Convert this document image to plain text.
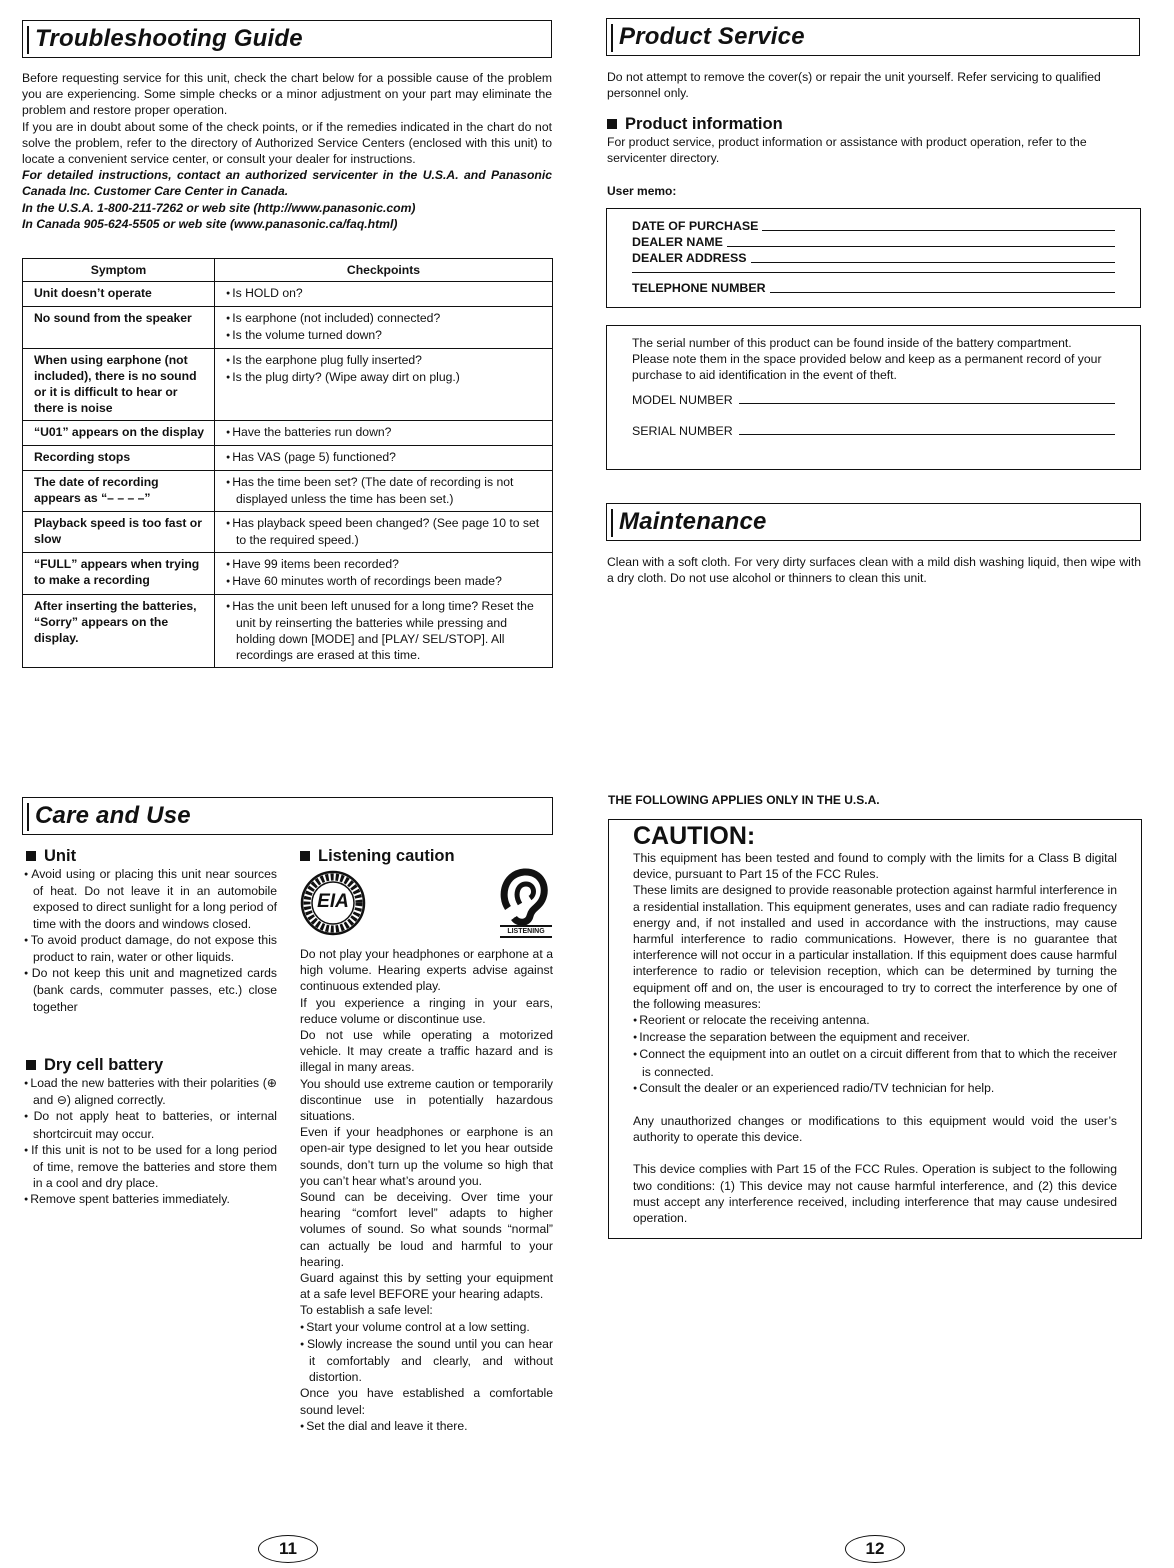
Troubleshooting Guide

Before requesting service for this unit, check the chart below for a possible cause of the problem you are experiencing. Some simple checks or a minor adjustment on your part may eliminate the problem and restore proper operation.

If you are in doubt about some of the check points, or if the remedies indicated in the chart do not solve the problem, refer to the directory of Authorized Service Centers (enclosed with this unit) to locate a convenient service center, or consult your dealer for instructions.

For detailed instructions, contact an authorized servicenter in the U.S.A. and Panasonic Canada Inc. Customer Care Center in Canada.

In the U.S.A. 1-800-211-7262 or web site (http://www.panasonic.com)

In Canada 905-624-5505 or web site (www.panasonic.ca/faq.html)

Symptom	Checkpoints
Unit doesn’t operate	● Is HOLD on?

No sound from the speaker	● Is earphone (not included) connected?
● Is the volume turned down?

When using earphone (not included), there is no sound or it is difficult to hear or there is noise	● Is the earphone plug fully inserted?
● Is the plug dirty? (Wipe away dirt on plug.)

“U01” appears on the display	● Have the batteries run down?

Recording stops	● Has VAS (page 5) functioned?

The date of recording appears as “– – – –”	● Has the time been set? (The date of recording is not displayed unless the time has been set.)

Playback speed is too fast or slow	● Has playback speed been changed? (See page 10 to set to the required speed.)

“FULL” appears when trying to make a recording	● Have 99 items been recorded?
● Have 60 minutes worth of recordings been made?

After inserting the batteries, “Sorry” appears on the display.	● Has the unit been left unused for a long time? Reset the unit by reinserting the batteries while pressing and holding down [MODE] and [PLAY/ SEL/STOP]. All recordings are erased at this time.
Product Service

Do not attempt to remove the cover(s) or repair the unit yourself. Refer servicing to qualified personnel only.

Product information

For product service, product information or assistance with product operation, refer to the servicenter directory.

User memo:
DATE OF PURCHASE
DEALER NAME
DEALER ADDRESS
TELEPHONE NUMBER

The serial number of this product can be found inside of the battery compartment.

Please note them in the space provided below and keep as a permanent record of your purchase to aid identification in the event of theft.

MODEL NUMBER
SERIAL NUMBER
Maintenance

Clean with a soft cloth. For very dirty surfaces clean with a mild dish washing liquid, then wipe with a dry cloth. Do not use alcohol or thinners to clean this unit.

Care and Use
Unit
● Avoid using or placing this unit near sources of heat. Do not leave it in an automobile exposed to direct sunlight for a long period of time with the doors and windows closed.
● To avoid product damage, do not expose this product to rain, water or other liquids.
● Do not keep this unit and magnetized cards (bank cards, commuter passes, etc.) close together
Dry cell battery
● Load the new batteries with their polarities (⊕ and ⊖) aligned correctly.
● Do not apply heat to batteries, or internal shortcircuit may occur.
● If this unit is not to be used for a long period of time, remove the batteries and store them in a cool and dry place.
● Remove spent batteries immediately.
Listening caution
EIA
LISTENING

Do not play your headphones or earphone at a high volume. Hearing experts advise against continuous extended play.

If you experience a ringing in your ears, reduce volume or discontinue use.

Do not use while operating a motorized vehicle. It may create a traffic hazard and is illegal in many areas.

You should use extreme caution or temporarily discontinue use in potentially hazardous situations.

Even if your headphones or earphone is an open-air type designed to let you hear outside sounds, don’t turn up the volume so high that you can’t hear what’s around you.

Sound can be deceiving. Over time your hearing “comfort level” adapts to higher volumes of sound. So what sounds “normal” can actually be loud and harmful to your hearing.

Guard against this by setting your equipment at a safe level BEFORE your hearing adapts.

To establish a safe level:

● Start your volume control at a low setting.
● Slowly increase the sound until you can hear it comfortably and clearly, and without distortion.

Once you have established a comfortable sound level:

● Set the dial and leave it there.
THE FOLLOWING APPLIES ONLY IN THE U.S.A.
CAUTION:

This equipment has been tested and found to comply with the limits for a Class B digital device, pursuant to Part 15 of the FCC Rules.

These limits are designed to provide reasonable protection against harmful interference in a residential installation. This equipment generates, uses and can radiate radio frequency energy and, if not installed and used in accordance with the instructions, may cause harmful interference to radio communications. However, there is no guarantee that interference will not occur in a particular installation. If this equipment does cause harmful interference to radio or television reception, which can be determined by turning the equipment off and on, the user is encouraged to try to correct the interference by one of the following measures:

● Reorient or relocate the receiving antenna.
● Increase the separation between the equipment and receiver.
● Connect the equipment into an outlet on a circuit different from that to which the receiver is connected.
● Consult the dealer or an experienced radio/TV technician for help.

Any unauthorized changes or modifications to this equipment would void the user’s authority to operate this device.

This device complies with Part 15 of the FCC Rules. Operation is subject to the following two conditions: (1) This device may not cause harmful interference, and (2) this device must accept any interference received, including interference that may cause undesired operation.

11	12
